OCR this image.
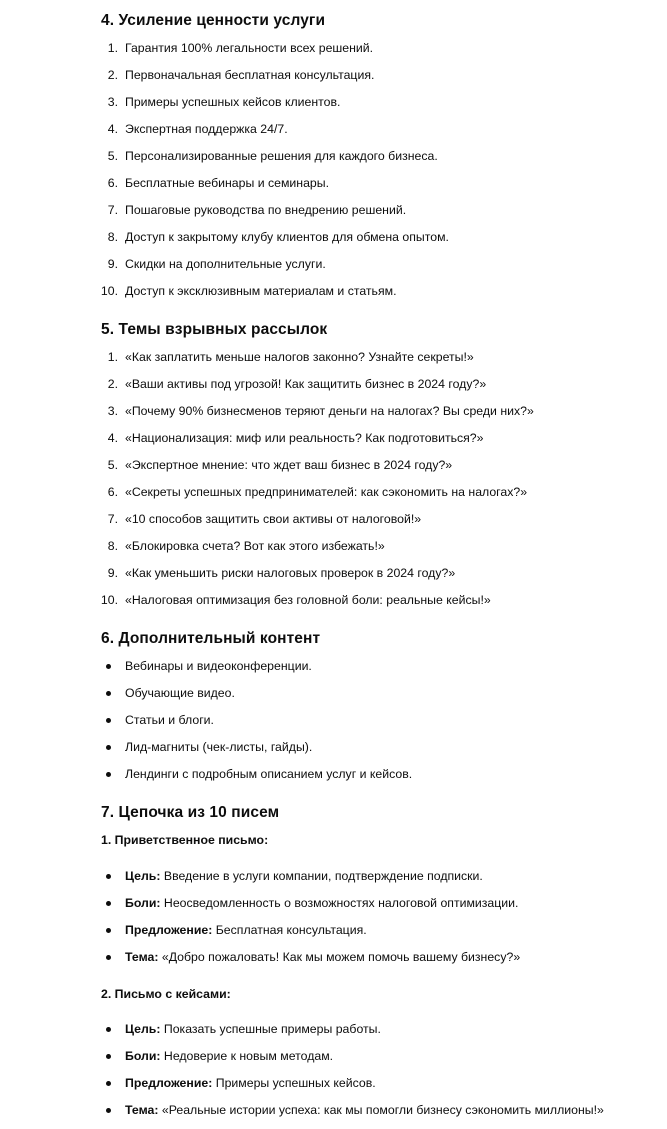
4. Усиление ценности услуги
1. Гарантия 100% легальности всех решений.
2. Первоначальная бесплатная консультация.
3. Примеры успешных кейсов клиентов.
4. Экспертная поддержка 24/7.
5. Персонализированные решения для каждого бизнеса.
6. Бесплатные вебинары и семинары.
7. Пошаговые руководства по внедрению решений.
8. Доступ к закрытому клубу клиентов для обмена опытом.
9. Скидки на дополнительные услуги.
10. Доступ к эксклюзивным материалам и статьям.
5. Темы взрывных рассылок
1. «Как заплатить меньше налогов законно? Узнайте секреты!»
2. «Ваши активы под угрозой! Как защитить бизнес в 2024 году?»
3. «Почему 90% бизнесменов теряют деньги на налогах? Вы среди них?»
4. «Национализация: миф или реальность? Как подготовиться?»
5. «Экспертное мнение: что ждет ваш бизнес в 2024 году?»
6. «Секреты успешных предпринимателей: как сэкономить на налогах?»
7. «10 способов защитить свои активы от налоговой!»
8. «Блокировка счета? Вот как этого избежать!»
9. «Как уменьшить риски налоговых проверок в 2024 году?»
10. «Налоговая оптимизация без головной боли: реальные кейсы!»
6. Дополнительный контент
Вебинары и видеоконференции.
Обучающие видео.
Статьи и блоги.
Лид-магниты (чек-листы, гайды).
Лендинги с подробным описанием услуг и кейсов.
7. Цепочка из 10 писем

1. Приветственное письмо:

Цель: Введение в услуги компании, подтверждение подписки.
Боли: Неосведомленность о возможностях налоговой оптимизации.
Предложение: Бесплатная консультация.
Тема: «Добро пожаловать! Как мы можем помочь вашему бизнесу?»

2. Письмо с кейсами:

Цель: Показать успешные примеры работы.
Боли: Недоверие к новым методам.
Предложение: Примеры успешных кейсов.
Тема: «Реальные истории успеха: как мы помогли бизнесу сэкономить миллионы!»
